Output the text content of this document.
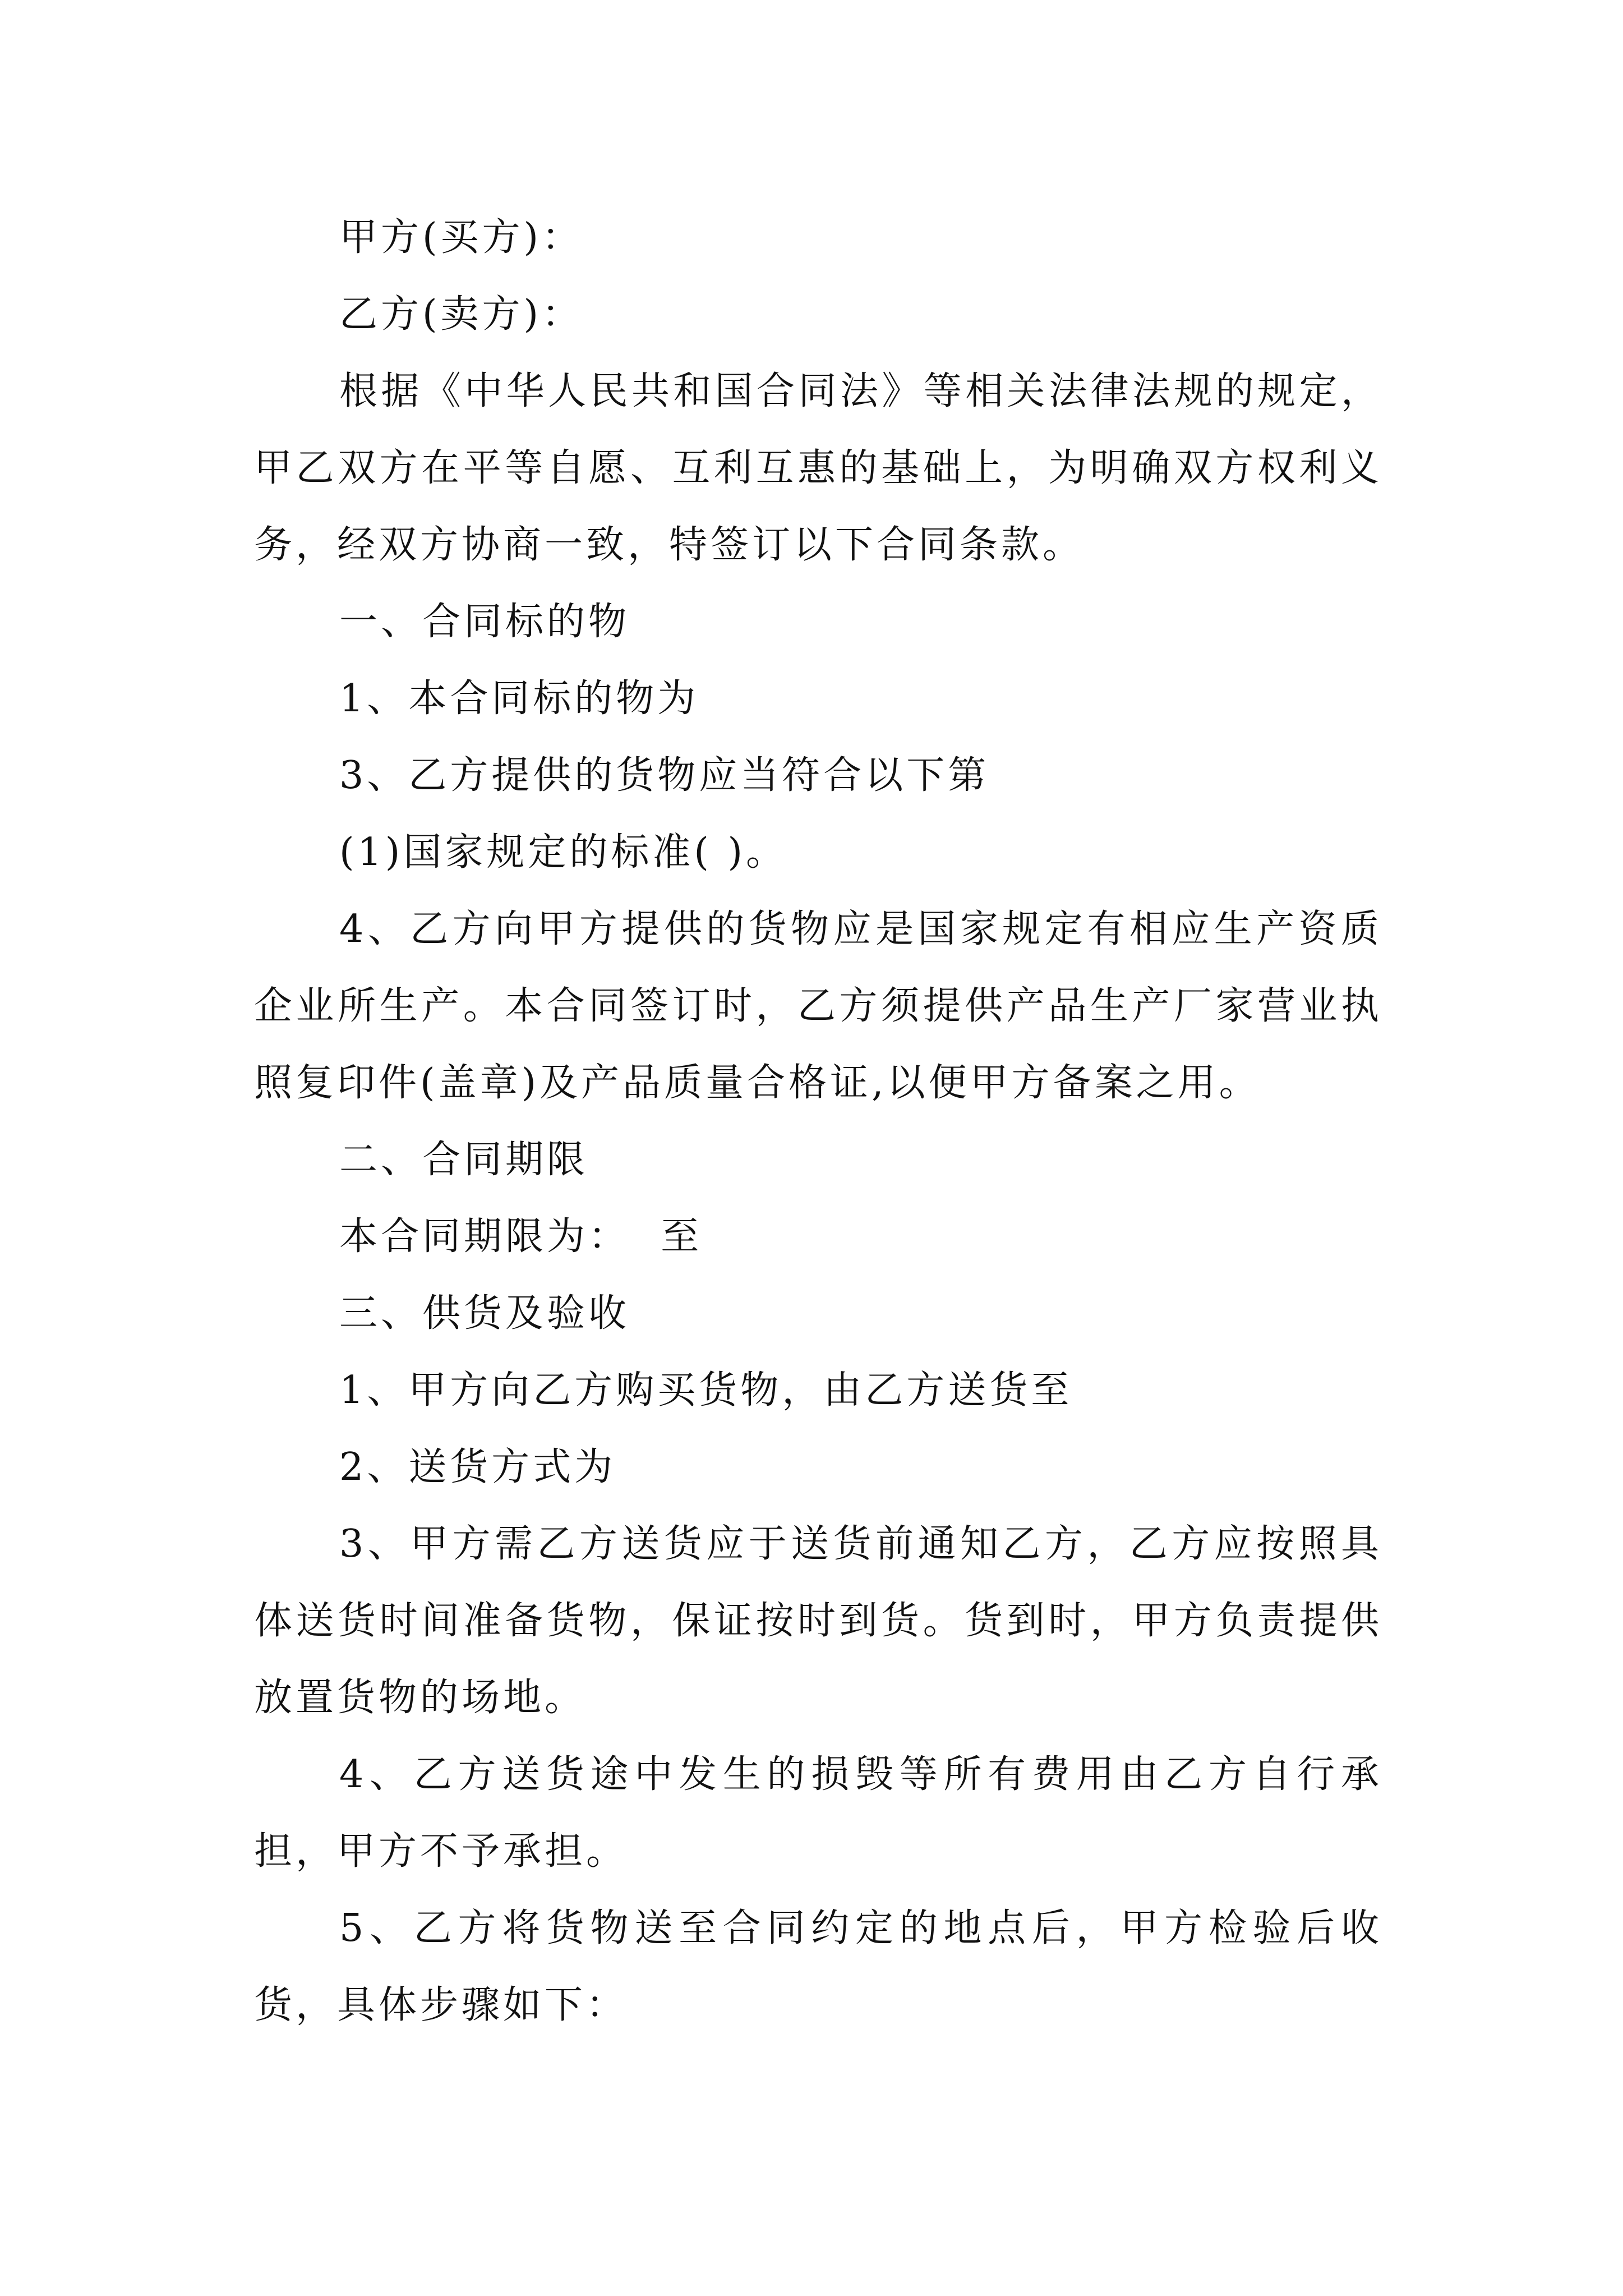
甲方(买方)：

乙方(卖方)：

根据《中华人民共和国合同法》等相关法律法规的规定，甲乙双方在平等自愿、互利互惠的基础上，为明确双方权利义务，经双方协商一致，特签订以下合同条款。

一、合同标的物

1、本合同标的物为

3、乙方提供的货物应当符合以下第

(1)国家规定的标准( )。

4、乙方向甲方提供的货物应是国家规定有相应生产资质企业所生产。本合同签订时，乙方须提供产品生产厂家营业执照复印件(盖章)及产品质量合格证,以便甲方备案之用。

二、合同期限

本合同期限为：  至

三、供货及验收

1、甲方向乙方购买货物，由乙方送货至

2、送货方式为

3、甲方需乙方送货应于送货前通知乙方，乙方应按照具体送货时间准备货物，保证按时到货。货到时，甲方负责提供放置货物的场地。

4、乙方送货途中发生的损毁等所有费用由乙方自行承担，甲方不予承担。

5、乙方将货物送至合同约定的地点后，甲方检验后收货，具体步骤如下：
